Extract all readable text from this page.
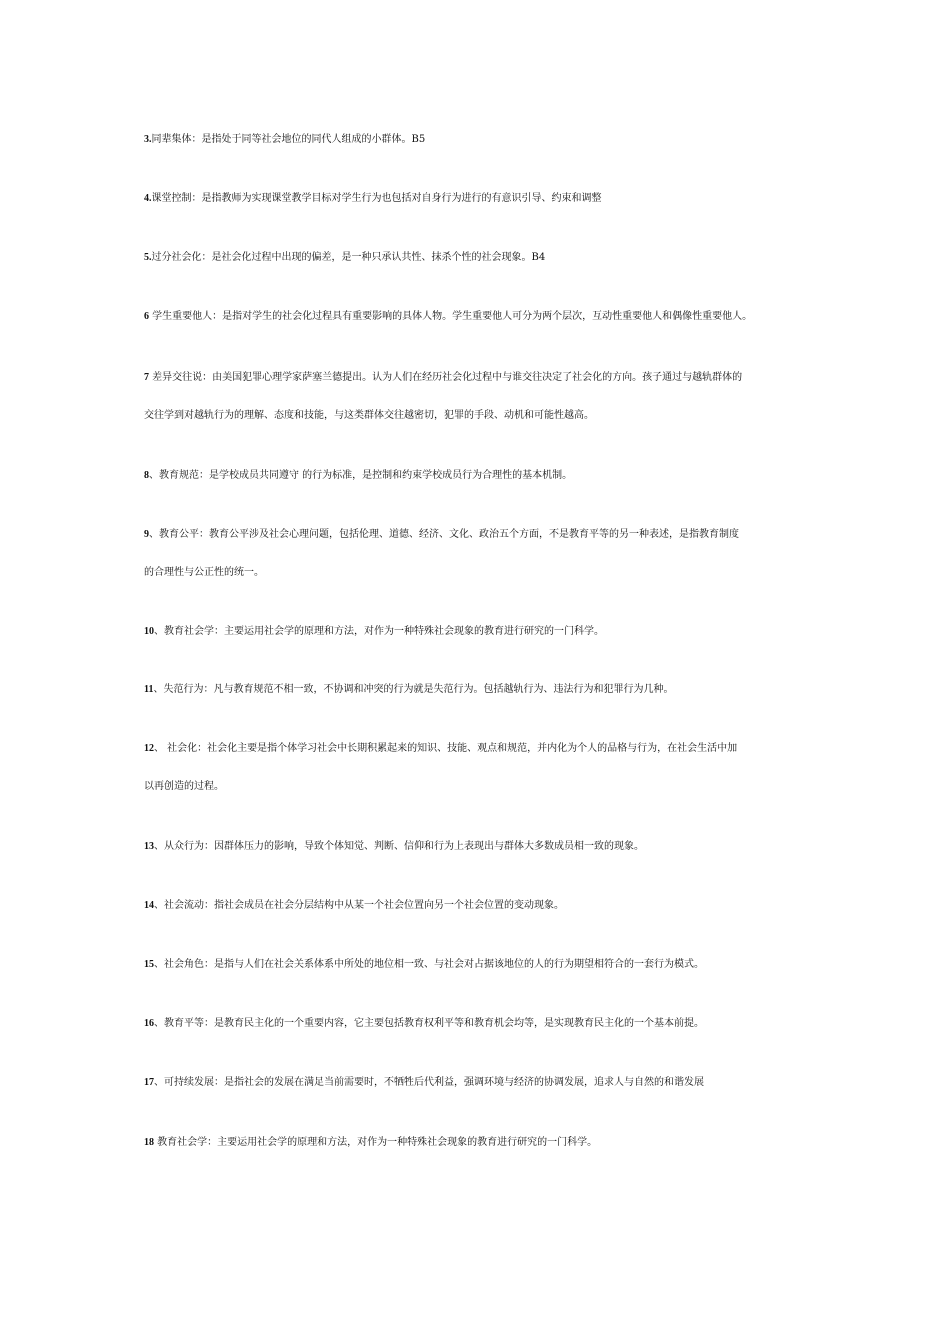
3.同辈集体：是指处于同等社会地位的同代人组成的小群体。B5
4.课堂控制：是指教师为实现课堂教学目标对学生行为也包括对自身行为进行的有意识引导、约束和调整
5.过分社会化：是社会化过程中出现的偏差，是一种只承认共性、抹杀个性的社会现象。B4
6 学生重要他人：是指对学生的社会化过程具有重要影响的具体人物。学生重要他人可分为两个层次，互动性重要他人和偶像性重要他人。
7 差异交往说：由美国犯罪心理学家萨塞兰德提出。认为人们在经历社会化过程中与谁交往决定了社会化的方向。孩子通过与越轨群体的
交往学到对越轨行为的理解、态度和技能，与这类群体交往越密切，犯罪的手段、动机和可能性越高。
8、教育规范：是学校成员共同遵守 的行为标准，是控制和约束学校成员行为合理性的基本机制。
9、教育公平：教育公平涉及社会心理问题，包括伦理、道德、经济、文化、政治五个方面，不是教育平等的另一种表述，是指教育制度
的合理性与公正性的统一。
10、教育社会学：主要运用社会学的原理和方法，对作为一种特殊社会现象的教育进行研究的一门科学。
11、失范行为：凡与教育规范不相一致，不协调和冲突的行为就是失范行为。包括越轨行为、违法行为和犯罪行为几种。
12、 社会化：社会化主要是指个体学习社会中长期积累起来的知识、技能、观点和规范，并内化为个人的品格与行为，在社会生活中加
以再创造的过程。
13、从众行为：因群体压力的影响，导致个体知觉、判断、信仰和行为上表现出与群体大多数成员相一致的现象。
14、社会流动：指社会成员在社会分层结构中从某一个社会位置向另一个社会位置的变动现象。
15、社会角色：是指与人们在社会关系体系中所处的地位相一致、与社会对占据该地位的人的行为期望相符合的一套行为模式。
16、教育平等：是教育民主化的一个重要内容，它主要包括教育权利平等和教育机会均等，是实现教育民主化的一个基本前提。
17、可持续发展：是指社会的发展在满足当前需要时，不牺牲后代利益，强调环境与经济的协调发展，追求人与自然的和谐发展
18 教育社会学：主要运用社会学的原理和方法，对作为一种特殊社会现象的教育进行研究的一门科学。
